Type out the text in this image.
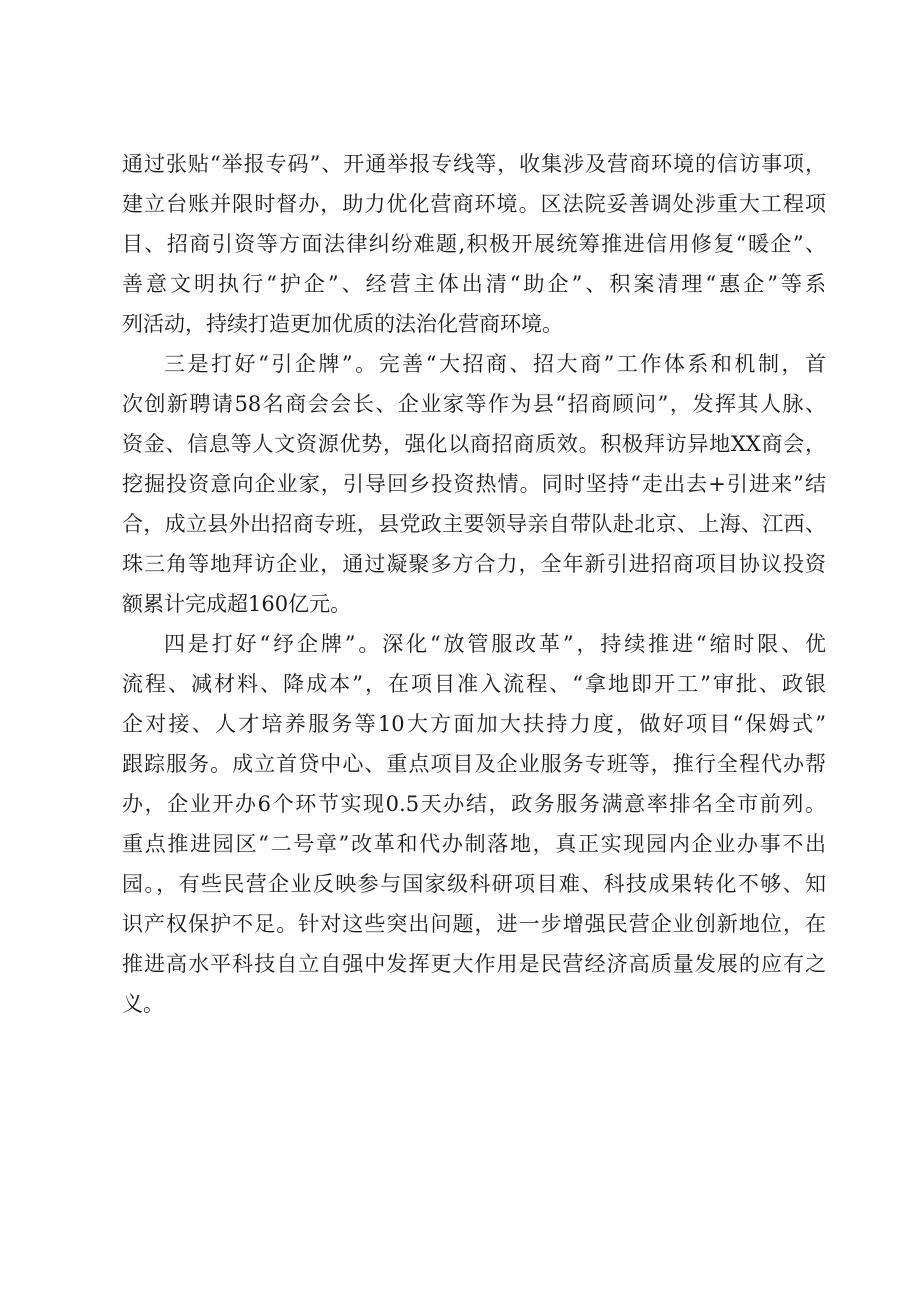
通过张贴“举报专码”、开通举报专线等，收集涉及营商环境的信访事项，
建立台账并限时督办，助力优化营商环境。区法院妥善调处涉重大工程项
目、招商引资等方面法律纠纷难题,积极开展统筹推进信用修复“暖企”、
善意文明执行“护企”、经营主体出清“助企”、积案清理“惠企”等系
列活动，持续打造更加优质的法治化营商环境。
三是打好“引企牌”。完善“大招商、招大商”工作体系和机制，首
次创新聘请58名商会会长、企业家等作为县“招商顾问”，发挥其人脉、
资金、信息等人文资源优势，强化以商招商质效。积极拜访异地XX商会，
挖掘投资意向企业家，引导回乡投资热情。同时坚持“走出去+引进来”结
合，成立县外出招商专班，县党政主要领导亲自带队赴北京、上海、江西、
珠三角等地拜访企业，通过凝聚多方合力，全年新引进招商项目协议投资
额累计完成超160亿元。
四是打好“纾企牌”。深化“放管服改革”，持续推进“缩时限、优
流程、减材料、降成本”，在项目准入流程、“拿地即开工”审批、政银
企对接、人才培养服务等10大方面加大扶持力度，做好项目“保姆式”
跟踪服务。成立首贷中心、重点项目及企业服务专班等，推行全程代办帮
办，企业开办6个环节实现0.5天办结，政务服务满意率排名全市前列。
重点推进园区“二号章”改革和代办制落地，真正实现园内企业办事不出
园。，有些民营企业反映参与国家级科研项目难、科技成果转化不够、知
识产权保护不足。针对这些突出问题，进一步增强民营企业创新地位，在
推进高水平科技自立自强中发挥更大作用是民营经济高质量发展的应有之
义。
